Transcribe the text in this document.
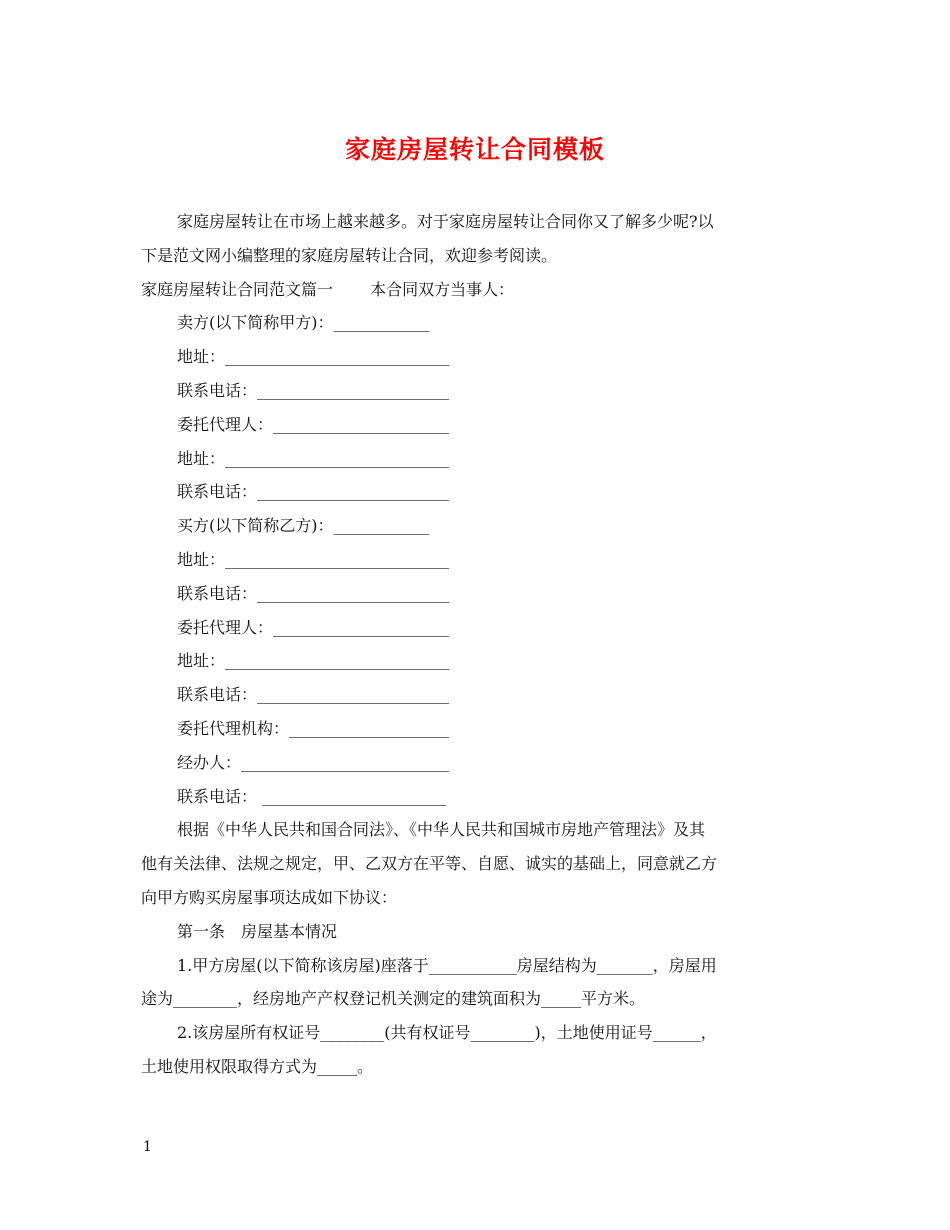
家庭房屋转让合同模板
家庭房屋转让在市场上越来越多。对于家庭房屋转让合同你又了解多少呢?以
下是范文网小编整理的家庭房屋转让合同，欢迎参考阅读。
家庭房屋转让合同范文篇一　　 本合同双方当事人：
卖方(以下简称甲方)：____________
地址：____________________________
联系电话：________________________
委托代理人：______________________
地址：____________________________
联系电话：________________________
买方(以下简称乙方)：____________
地址：____________________________
联系电话：________________________
委托代理人：______________________
地址：____________________________
联系电话：________________________
委托代理机构：____________________
经办人：__________________________
联系电话： _______________________
根据《中华人民共和国合同法》、《中华人民共和国城市房地产管理法》及其
他有关法律、法规之规定，甲、乙双方在平等、自愿、诚实的基础上，同意就乙方
向甲方购买房屋事项达成如下协议：
第一条　房屋基本情况
1.甲方房屋(以下简称该房屋)座落于___________房屋结构为_______，房屋用
途为________，经房地产产权登记机关测定的建筑面积为_____平方米。
2.该房屋所有权证号________(共有权证号________)，土地使用证号______，
土地使用权限取得方式为_____。
1
